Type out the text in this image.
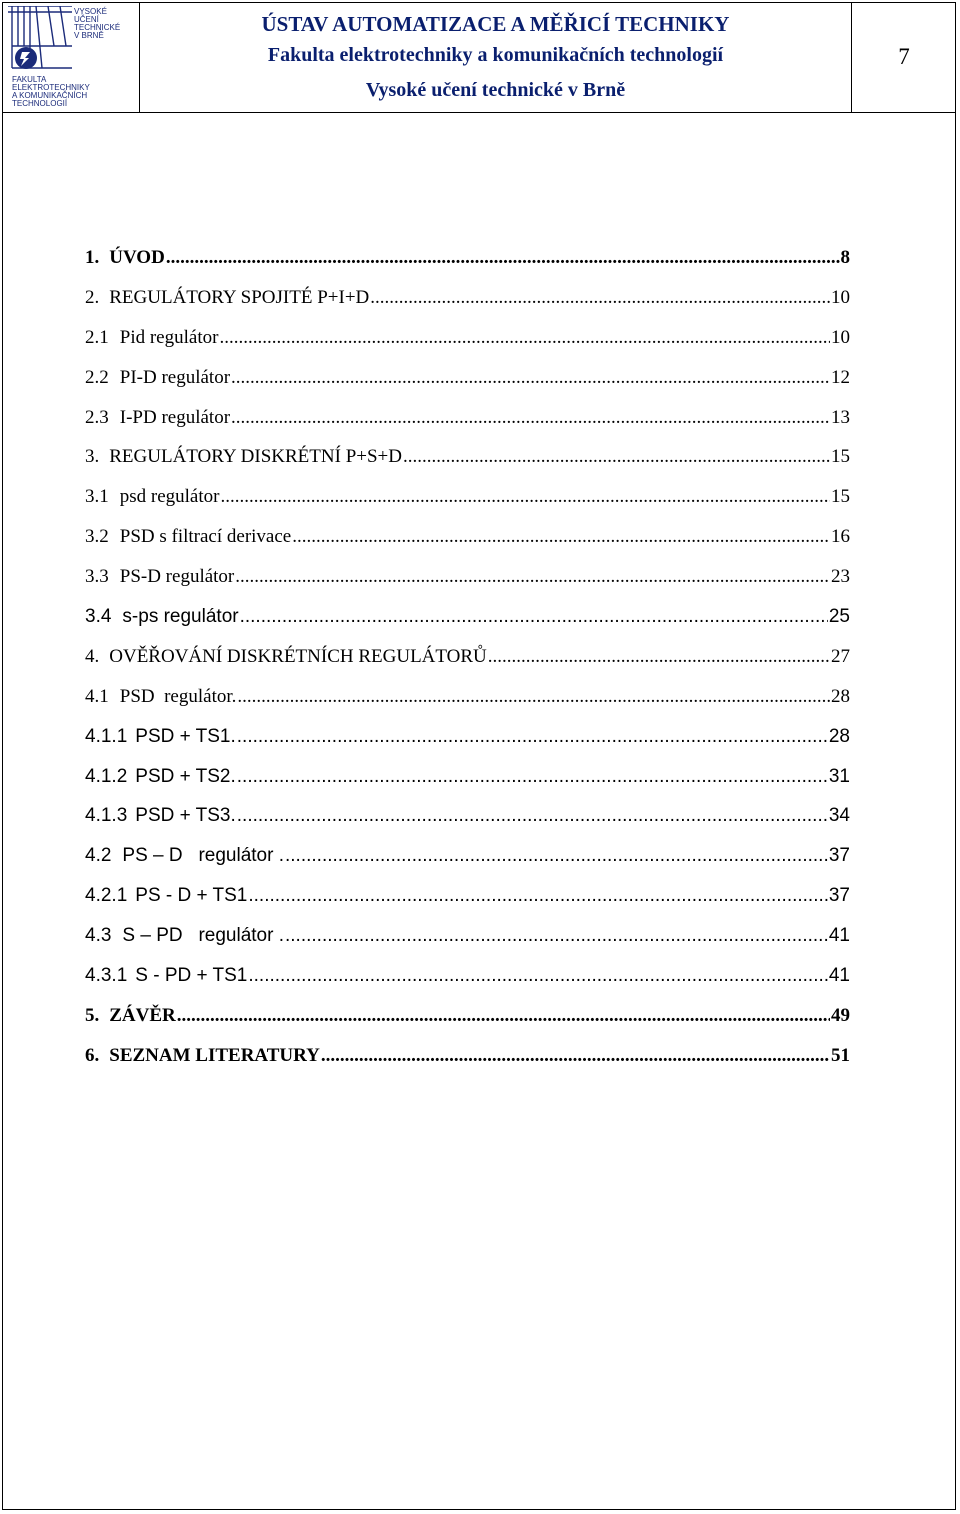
VYSOKÉ
UČENÍ
TECHNICKÉ
V BRNĚ
FAKULTA
ELEKTROTECHNIKY
A KOMUNIKAČNÍCH
TECHNOLOGIÍ
ÚSTAV AUTOMATIZACE A MĚŘICÍ TECHNIKY
Fakulta elektrotechniky a komunikačních technologií
Vysoké učení technické v Brně
7
1. ÚVOD .....	8
2. REGULÁTORY SPOJITÉ P+I+D .....	10
2.1 Pid regulátor .....	10
2.2 PI-D regulátor .....	12
2.3 I-PD regulátor .....	13
3. REGULÁTORY DISKRÉTNÍ P+S+D .....	15
3.1 psd regulátor .....	15
3.2 PSD s filtrací derivace .....	16
3.3 PS-D regulátor .....	23
3.4 s-ps regulátor .....	25
4. OVĚŘOVÁNÍ DISKRÉTNÍCH REGULÁTORŮ .....	27
4.1 PSD  regulátor. .....	28
4.1.1 PSD + TS1. .....	28
4.1.2 PSD + TS2. .....	31
4.1.3 PSD + TS3. .....	34
4.2 PS – D   regulátor . .....	37
4.2.1 PS - D + TS1 .....	37
4.3 S – PD   regulátor . .....	41
4.3.1 S - PD + TS1 .....	41
5. ZÁVĚR .....	49
6. SEZNAM LITERATURY .....	51
